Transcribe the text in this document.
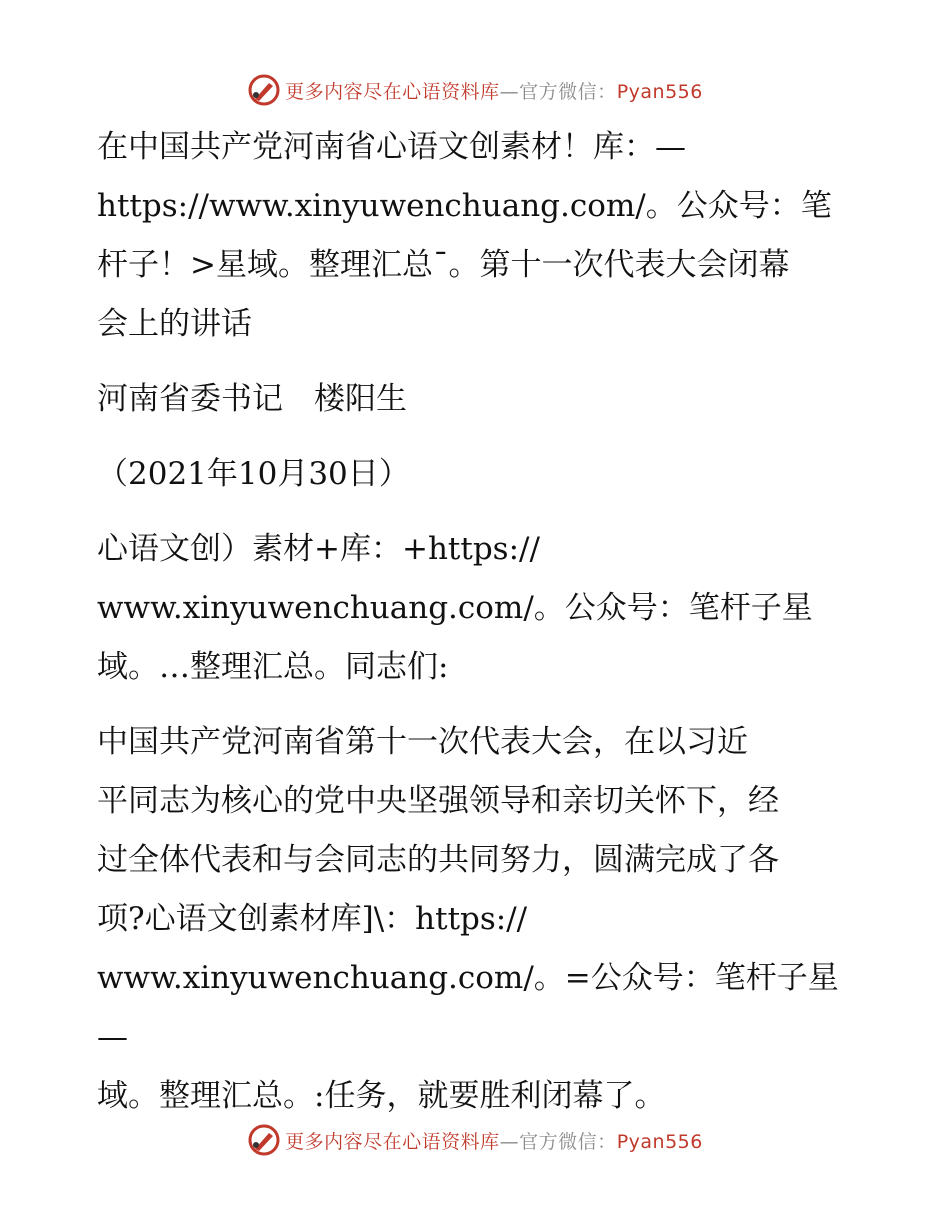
更多内容尽在心语资料库—官方微信：Pyan556

在中国共产党河南省心语文创素材！库：—
https://www.xinyuwenchuang.com/。公众号：笔
杆子！>星域。整理汇总¯。第十一次代表大会闭幕
会上的讲话

河南省委书记　楼阳生

（2021年10月30日）

心语文创）素材+库：+https://
www.xinyuwenchuang.com/。公众号：笔杆子星
域。…整理汇总。同志们:

中国共产党河南省第十一次代表大会，在以习近
平同志为核心的党中央坚强领导和亲切关怀下，经
过全体代表和与会同志的共同努力，圆满完成了各
项?心语文创素材库]\：https://
www.xinyuwenchuang.com/。=公众号：笔杆子星—
域。整理汇总。:任务，就要胜利闭幕了。

更多内容尽在心语资料库—官方微信：Pyan556
